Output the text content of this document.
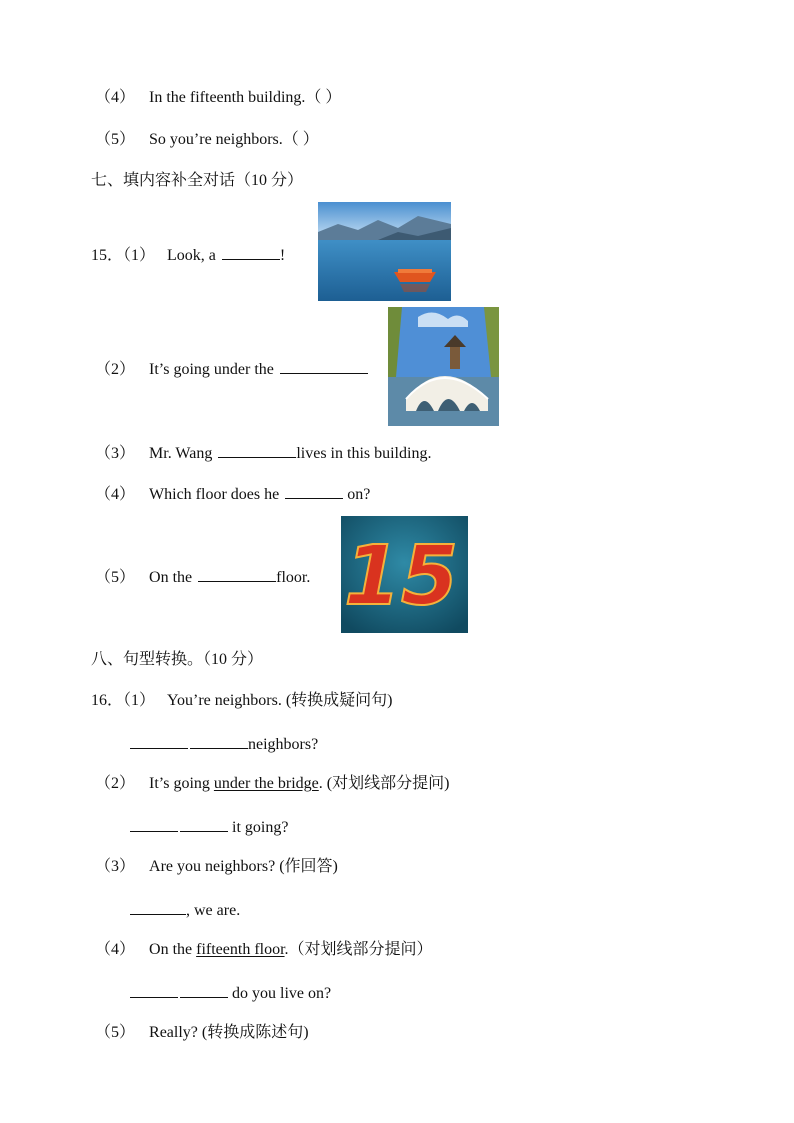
（4） In the fifteenth building.（ ）
（5） So you’re neighbors.（ ）
七、填内容补全对话（10 分）
15．（1） Look, a	!
（2） It’s going under the
（3） Mr. Wang	lives in this building.
（4） Which floor does he	on?
（5） On the	floor. 15
八、句型转换。（10 分）
16．（1） You’re neighbors. (转换成疑问句)
neighbors?
（2） It’s going under the bridge. (对划线部分提问)
it going?
（3） Are you neighbors? (作回答)
, we are.
（4） On the fifteenth floor.（对划线部分提问）
do you live on?
（5） Really? (转换成陈述句)
